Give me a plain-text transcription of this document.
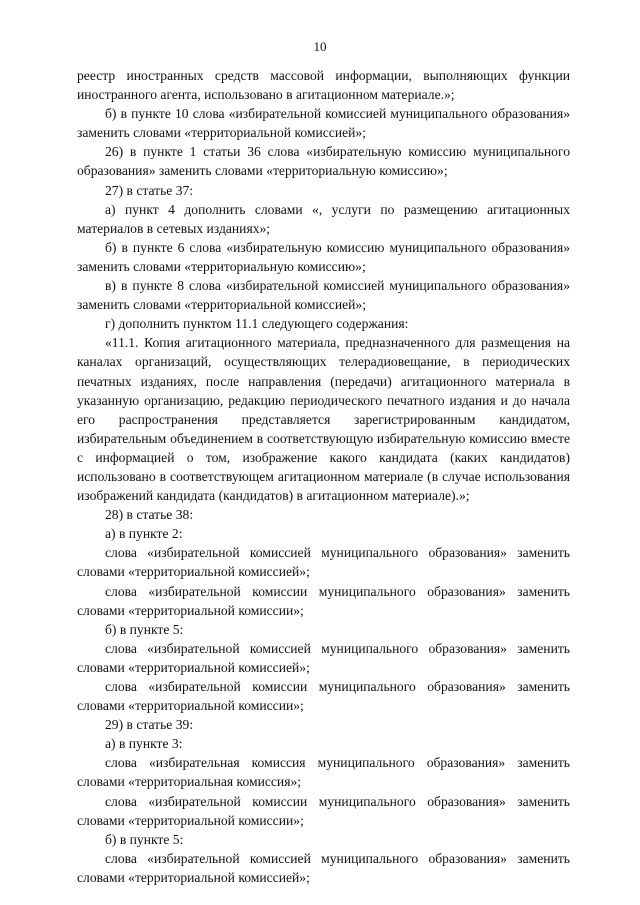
10

реестр иностранных средств массовой информации, выполняющих функции иностранного агента, использовано в агитационном материале.»;

б) в пункте 10 слова «избирательной комиссией муниципального образования» заменить словами «территориальной комиссией»;

26) в пункте 1 статьи 36 слова «избирательную комиссию муниципального образования» заменить словами «территориальную комиссию»;

27) в статье 37:

а) пункт 4 дополнить словами «, услуги по размещению агитационных материалов в сетевых изданиях»;

б) в пункте 6 слова «избирательную комиссию муниципального образования» заменить словами «территориальную комиссию»;

в) в пункте 8 слова «избирательной комиссией муниципального образования» заменить словами «территориальной комиссией»;

г) дополнить пунктом 11.1 следующего содержания:

«11.1. Копия агитационного материала, предназначенного для размещения на каналах организаций, осуществляющих телерадиовещание, в периодических печатных изданиях, после направления (передачи) агитационного материала в указанную организацию, редакцию периодического печатного издания и до начала его распространения представляется зарегистрированным кандидатом, избирательным объединением в соответствующую избирательную комиссию вместе с информацией о том, изображение какого кандидата (каких кандидатов) использовано в соответствующем агитационном материале (в случае использования изображений кандидата (кандидатов) в агитационном материале).»;

28) в статье 38:

а) в пункте 2:

слова «избирательной комиссией муниципального образования» заменить словами «территориальной комиссией»;

слова «избирательной комиссии муниципального образования» заменить словами «территориальной комиссии»;

б) в пункте 5:

слова «избирательной комиссией муниципального образования» заменить словами «территориальной комиссией»;

слова «избирательной комиссии муниципального образования» заменить словами «территориальной комиссии»;

29) в статье 39:

а) в пункте 3:

слова «избирательная комиссия муниципального образования» заменить словами «территориальная комиссия»;

слова «избирательной комиссии муниципального образования» заменить словами «территориальной комиссии»;

б) в пункте 5:

слова «избирательной комиссией муниципального образования» заменить словами «территориальной комиссией»;
